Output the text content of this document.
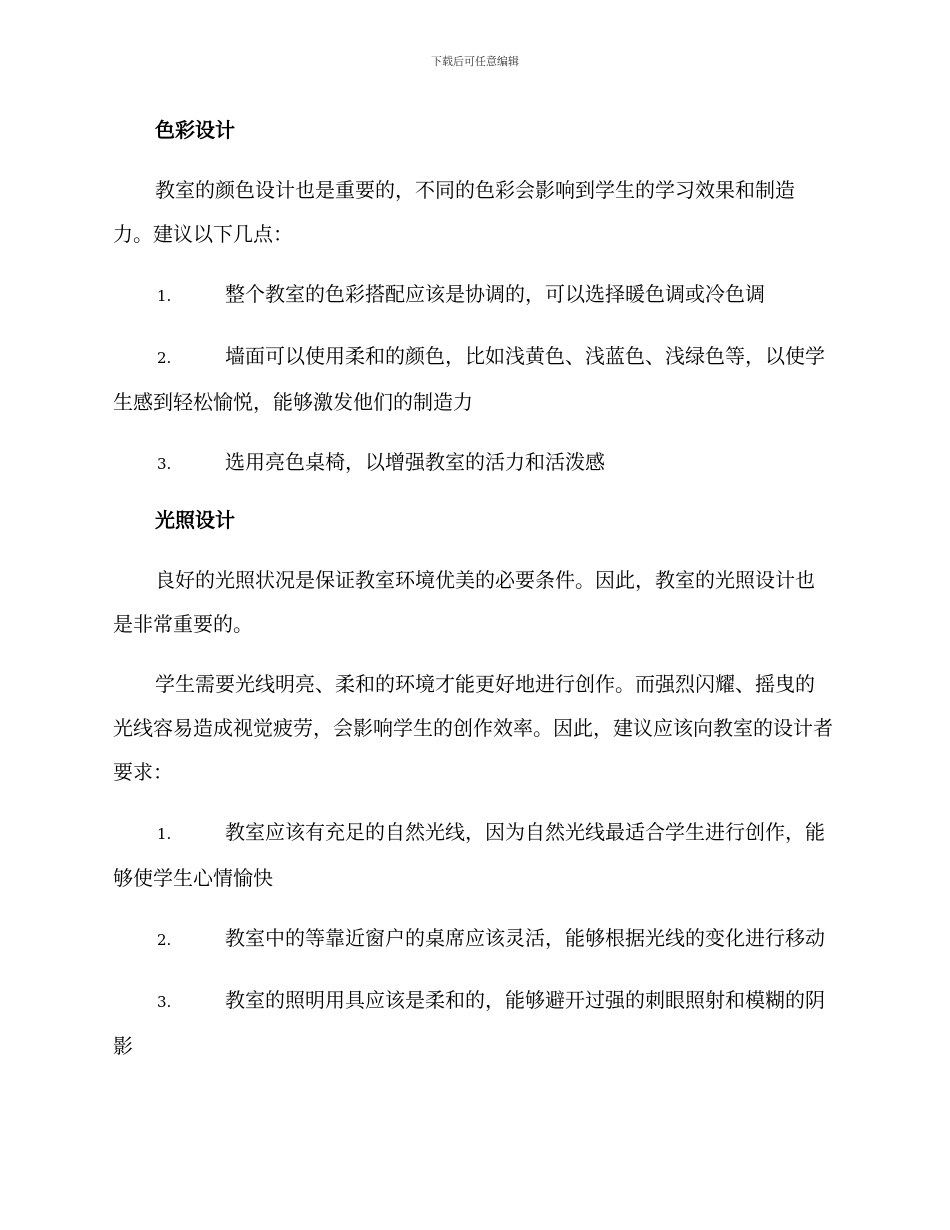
下载后可任意编辑
色彩设计
教室的颜色设计也是重要的，不同的色彩会影响到学生的学习效果和制造力。建议以下几点：
1.	整个教室的色彩搭配应该是协调的，可以选择暖色调或冷色调
2.	墙面可以使用柔和的颜色，比如浅黄色、浅蓝色、浅绿色等，以使学生感到轻松愉悦，能够激发他们的制造力
3.	选用亮色桌椅，以增强教室的活力和活泼感
光照设计
良好的光照状况是保证教室环境优美的必要条件。因此，教室的光照设计也是非常重要的。
学生需要光线明亮、柔和的环境才能更好地进行创作。而强烈闪耀、摇曳的光线容易造成视觉疲劳，会影响学生的创作效率。因此，建议应该向教室的设计者要求：
1.	教室应该有充足的自然光线，因为自然光线最适合学生进行创作，能够使学生心情愉快
2.	教室中的等靠近窗户的桌席应该灵活，能够根据光线的变化进行移动
3.	教室的照明用具应该是柔和的，能够避开过强的刺眼照射和模糊的阴影
